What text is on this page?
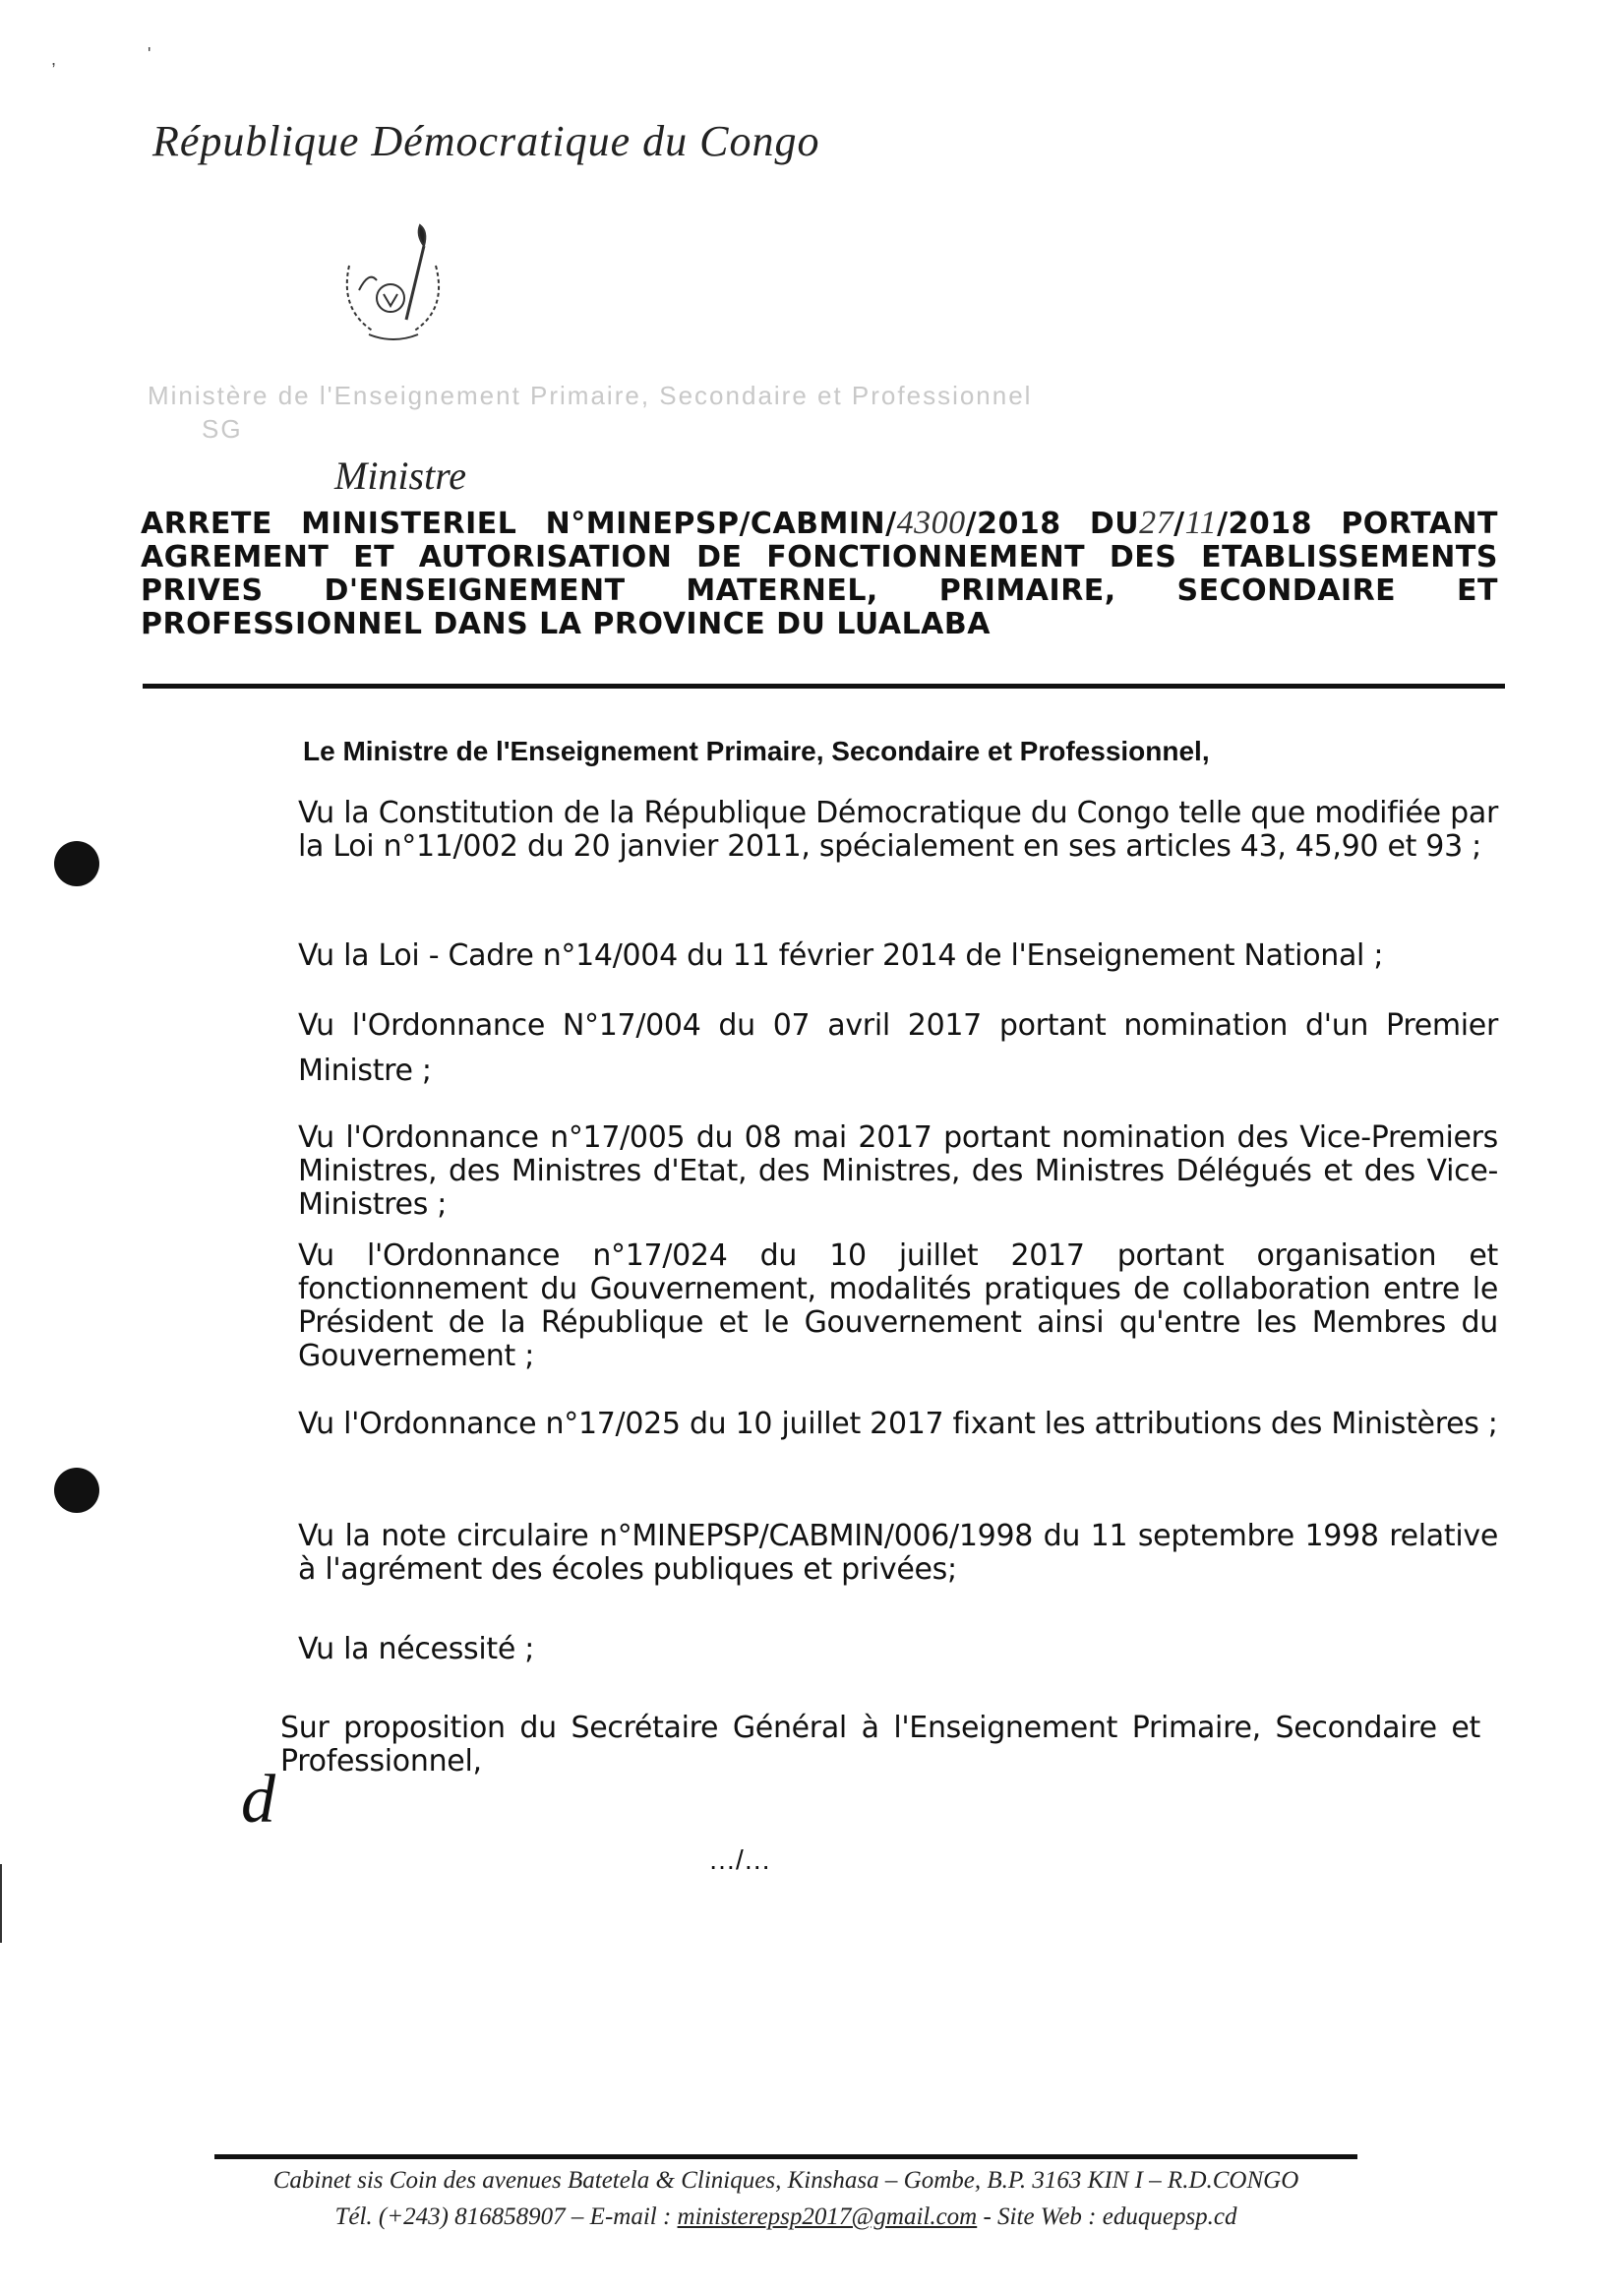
,	'
République Démocratique du Congo
Ministère de l'Enseignement Primaire, Secondaire et Professionnel
SG
Ministre
ARRETE MINISTERIEL N°MINEPSP/CABMIN/4300/2018 DU27/11/2018 PORTANT AGREMENT ET AUTORISATION DE FONCTIONNEMENT DES ETABLISSEMENTS PRIVES D'ENSEIGNEMENT MATERNEL, PRIMAIRE, SECONDAIRE ET PROFESSIONNEL DANS LA PROVINCE DU LUALABA
Le Ministre de l'Enseignement Primaire, Secondaire et Professionnel,
Vu la Constitution de la République Démocratique du Congo telle que modifiée par la Loi n°11/002 du 20 janvier 2011, spécialement en ses articles 43, 45,90 et 93 ;
Vu la Loi - Cadre n°14/004 du 11 février 2014 de l'Enseignement National ;
Vu l'Ordonnance N°17/004 du 07 avril 2017 portant nomination d'un Premier Ministre ;
Vu l'Ordonnance n°17/005 du 08 mai 2017 portant nomination des Vice-Premiers Ministres, des Ministres d'Etat, des Ministres, des Ministres Délégués et des Vice-Ministres ;
Vu l'Ordonnance n°17/024 du 10 juillet 2017 portant organisation et fonctionnement du Gouvernement, modalités pratiques de collaboration entre le Président de la République et le Gouvernement ainsi qu'entre les Membres du Gouvernement ;
Vu l'Ordonnance n°17/025 du 10 juillet 2017 fixant les attributions des Ministères ;
Vu la note circulaire n°MINEPSP/CABMIN/006/1998 du 11 septembre 1998 relative à l'agrément des écoles publiques et privées;
Vu la nécessité ;
Sur proposition du Secrétaire Général à l'Enseignement Primaire, Secondaire et Professionnel,
d
…/…
Cabinet sis Coin des avenues Batetela & Cliniques, Kinshasa – Gombe, B.P. 3163 KIN I – R.D.CONGO
Tél. (+243) 816858907 – E-mail : ministerepsp2017@gmail.com - Site Web : eduquepsp.cd
